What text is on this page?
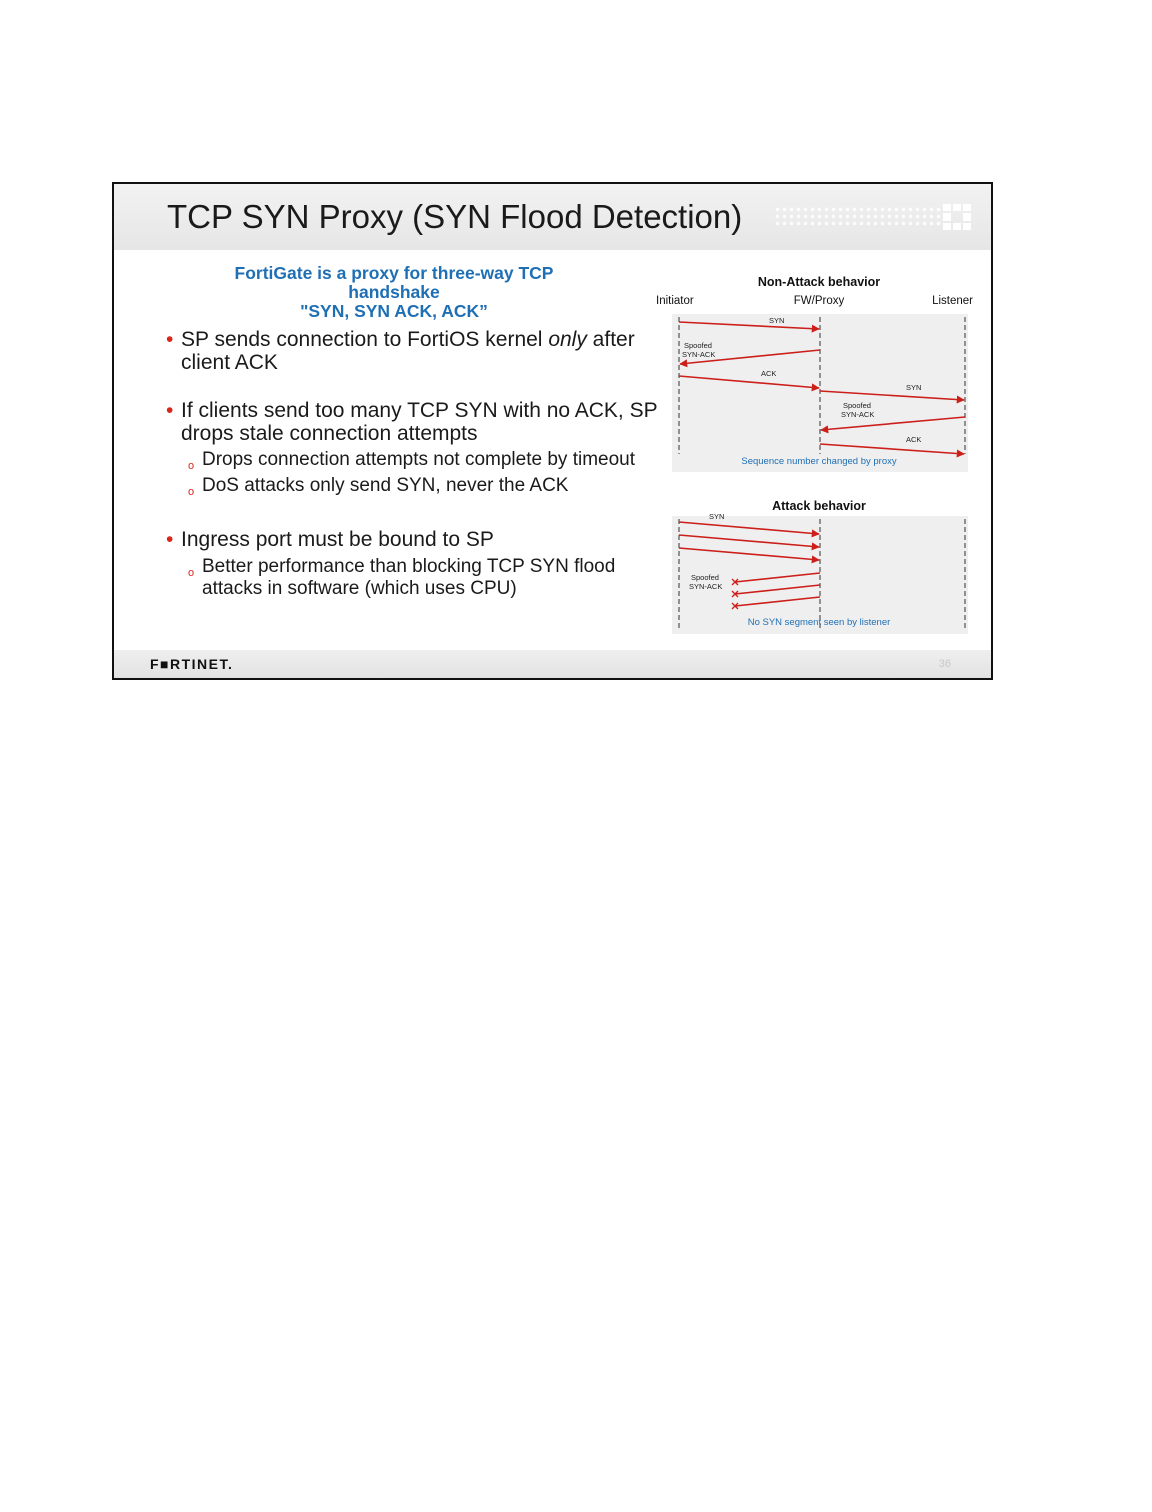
TCP SYN Proxy (SYN Flood Detection)
FortiGate is a proxy for three-way TCP handshake
"SYN, SYN ACK, ACK”
• SP sends connection to FortiOS kernel only after client ACK
• If clients send too many TCP SYN with no ACK, SP drops stale connection attempts
o Drops connection attempts not complete by timeout
o DoS attacks only send SYN, never the ACK
• Ingress port must be bound to SP
o Better performance than blocking TCP SYN flood attacks in software (which uses CPU)
Non-Attack behavior
Initiator	FW/Proxy	Listener
SYN
Spoofed
SYN-ACK
ACK
SYN
Spoofed
SYN-ACK
ACK
Sequence number changed by proxy
Attack behavior
SYN
Spoofed
SYN-ACK
No SYN segment seen by listener
F■RTINET.	36
